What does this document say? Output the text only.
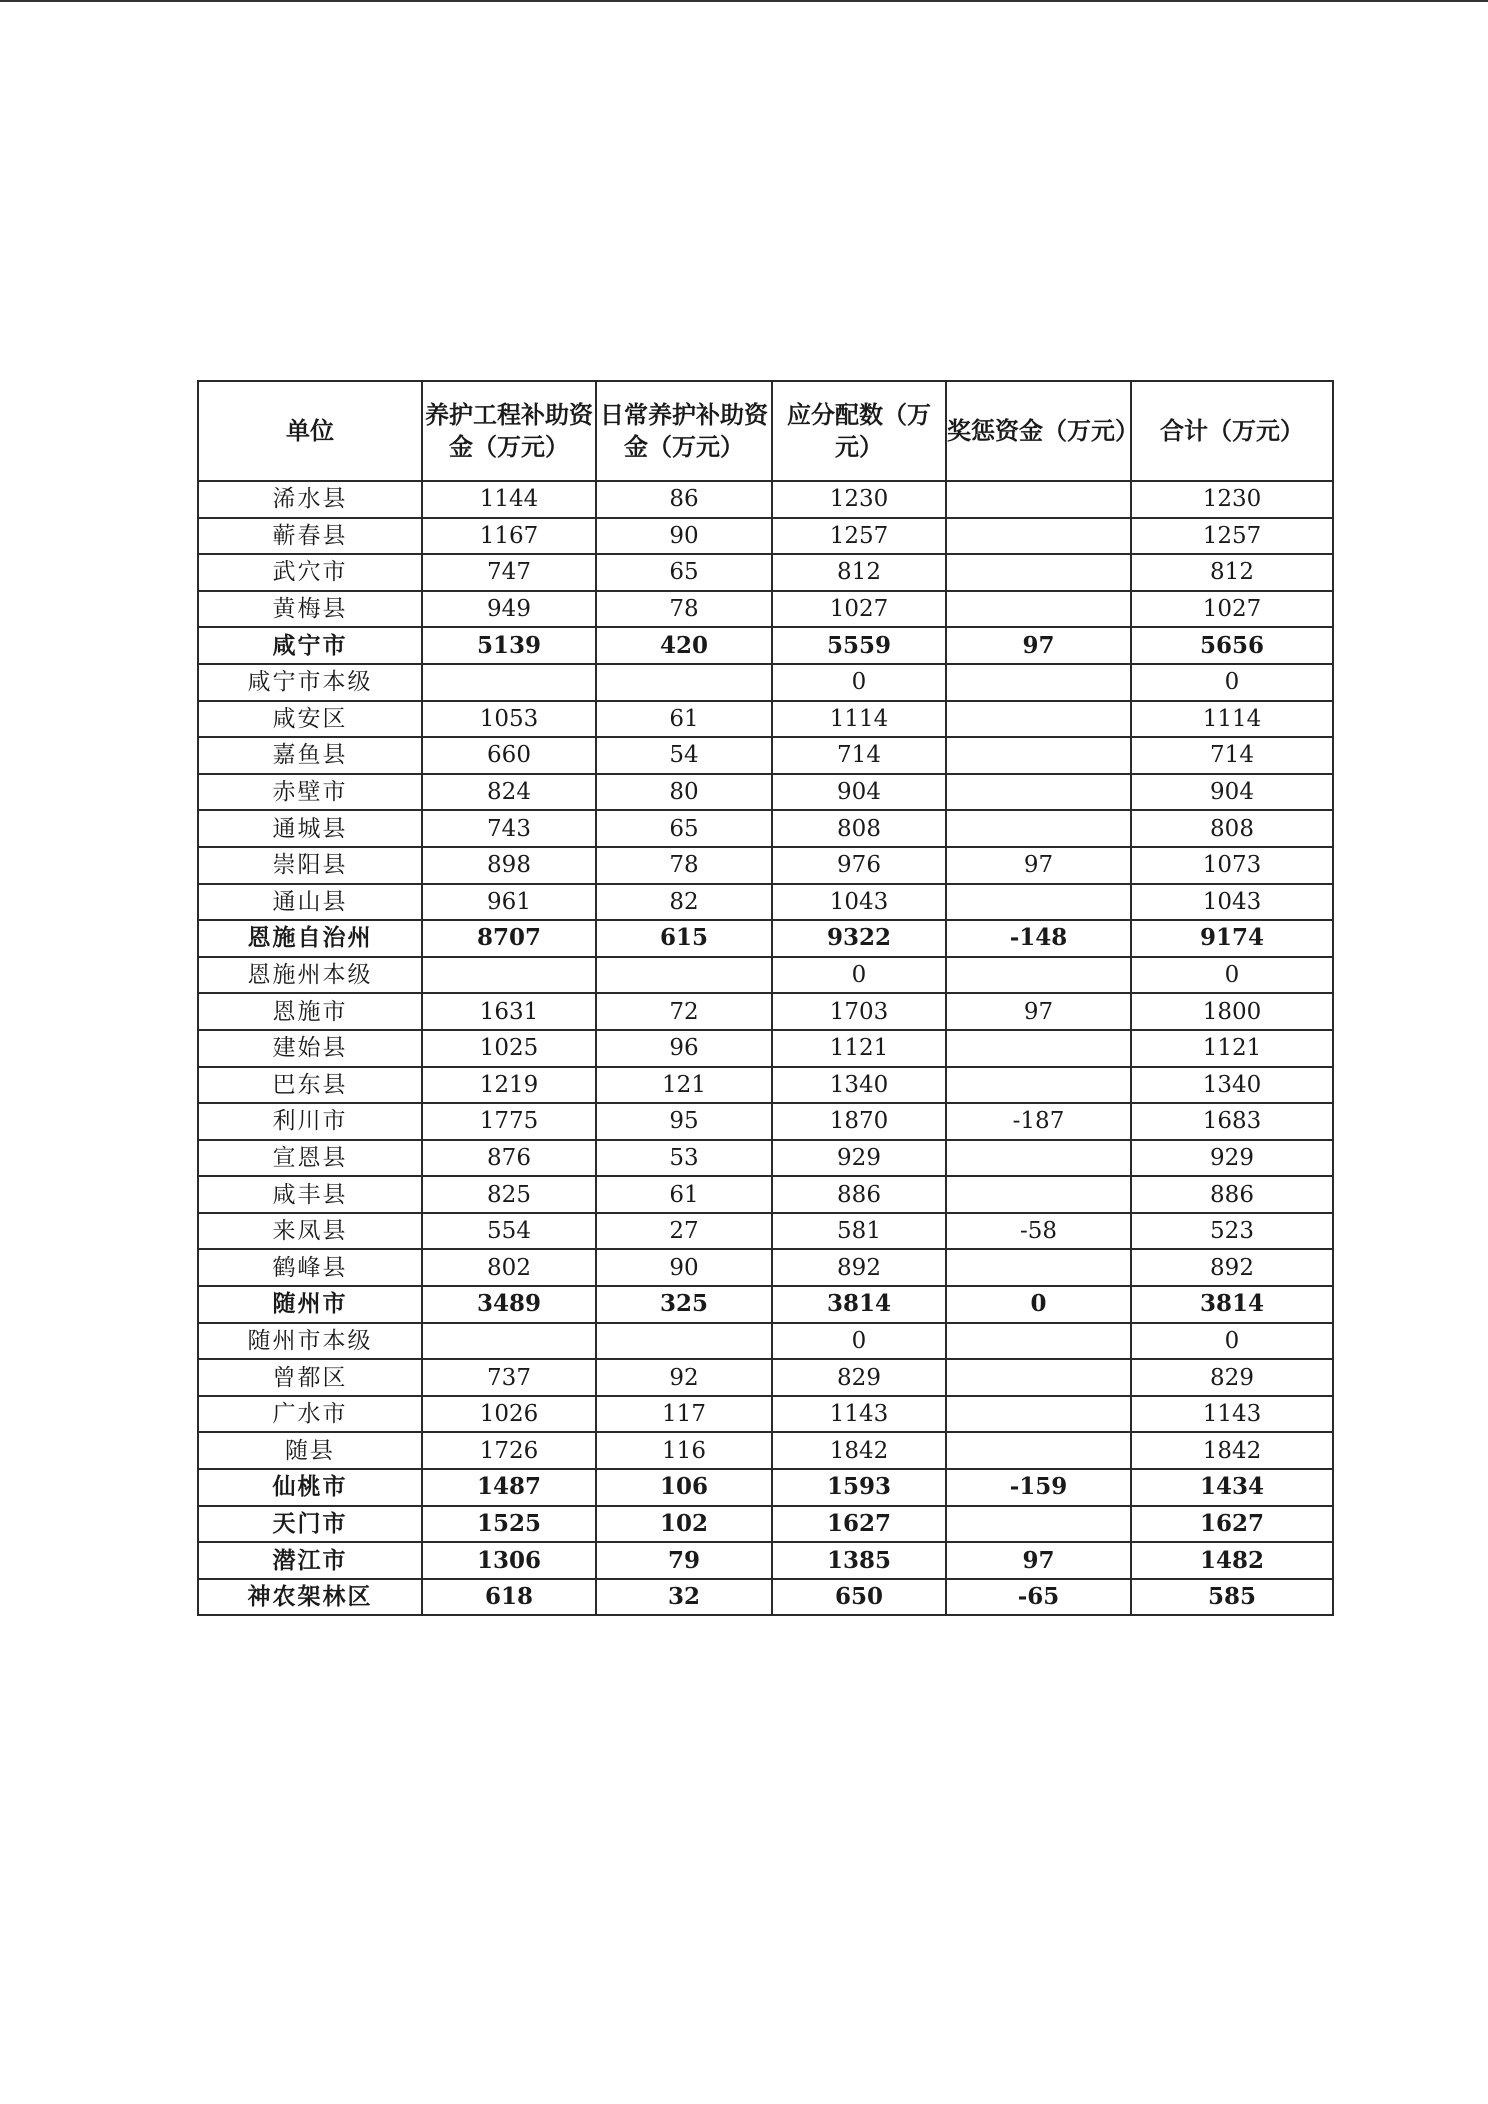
单位	养护工程补助资金（万元）	日常养护补助资金（万元）	应分配数（万元）	奖惩资金（万元）	合计（万元）
浠水县	1144	86	1230		1230
蕲春县	1167	90	1257		1257
武穴市	747	65	812		812
黄梅县	949	78	1027		1027
咸宁市	5139	420	5559	97	5656
咸宁市本级			0		0
咸安区	1053	61	1114		1114
嘉鱼县	660	54	714		714
赤壁市	824	80	904		904
通城县	743	65	808		808
崇阳县	898	78	976	97	1073
通山县	961	82	1043		1043
恩施自治州	8707	615	9322	-148	9174
恩施州本级			0		0
恩施市	1631	72	1703	97	1800
建始县	1025	96	1121		1121
巴东县	1219	121	1340		1340
利川市	1775	95	1870	-187	1683
宣恩县	876	53	929		929
咸丰县	825	61	886		886
来凤县	554	27	581	-58	523
鹤峰县	802	90	892		892
随州市	3489	325	3814	0	3814
随州市本级			0		0
曾都区	737	92	829		829
广水市	1026	117	1143		1143
随县	1726	116	1842		1842
仙桃市	1487	106	1593	-159	1434
天门市	1525	102	1627		1627
潜江市	1306	79	1385	97	1482
神农架林区	618	32	650	-65	585
